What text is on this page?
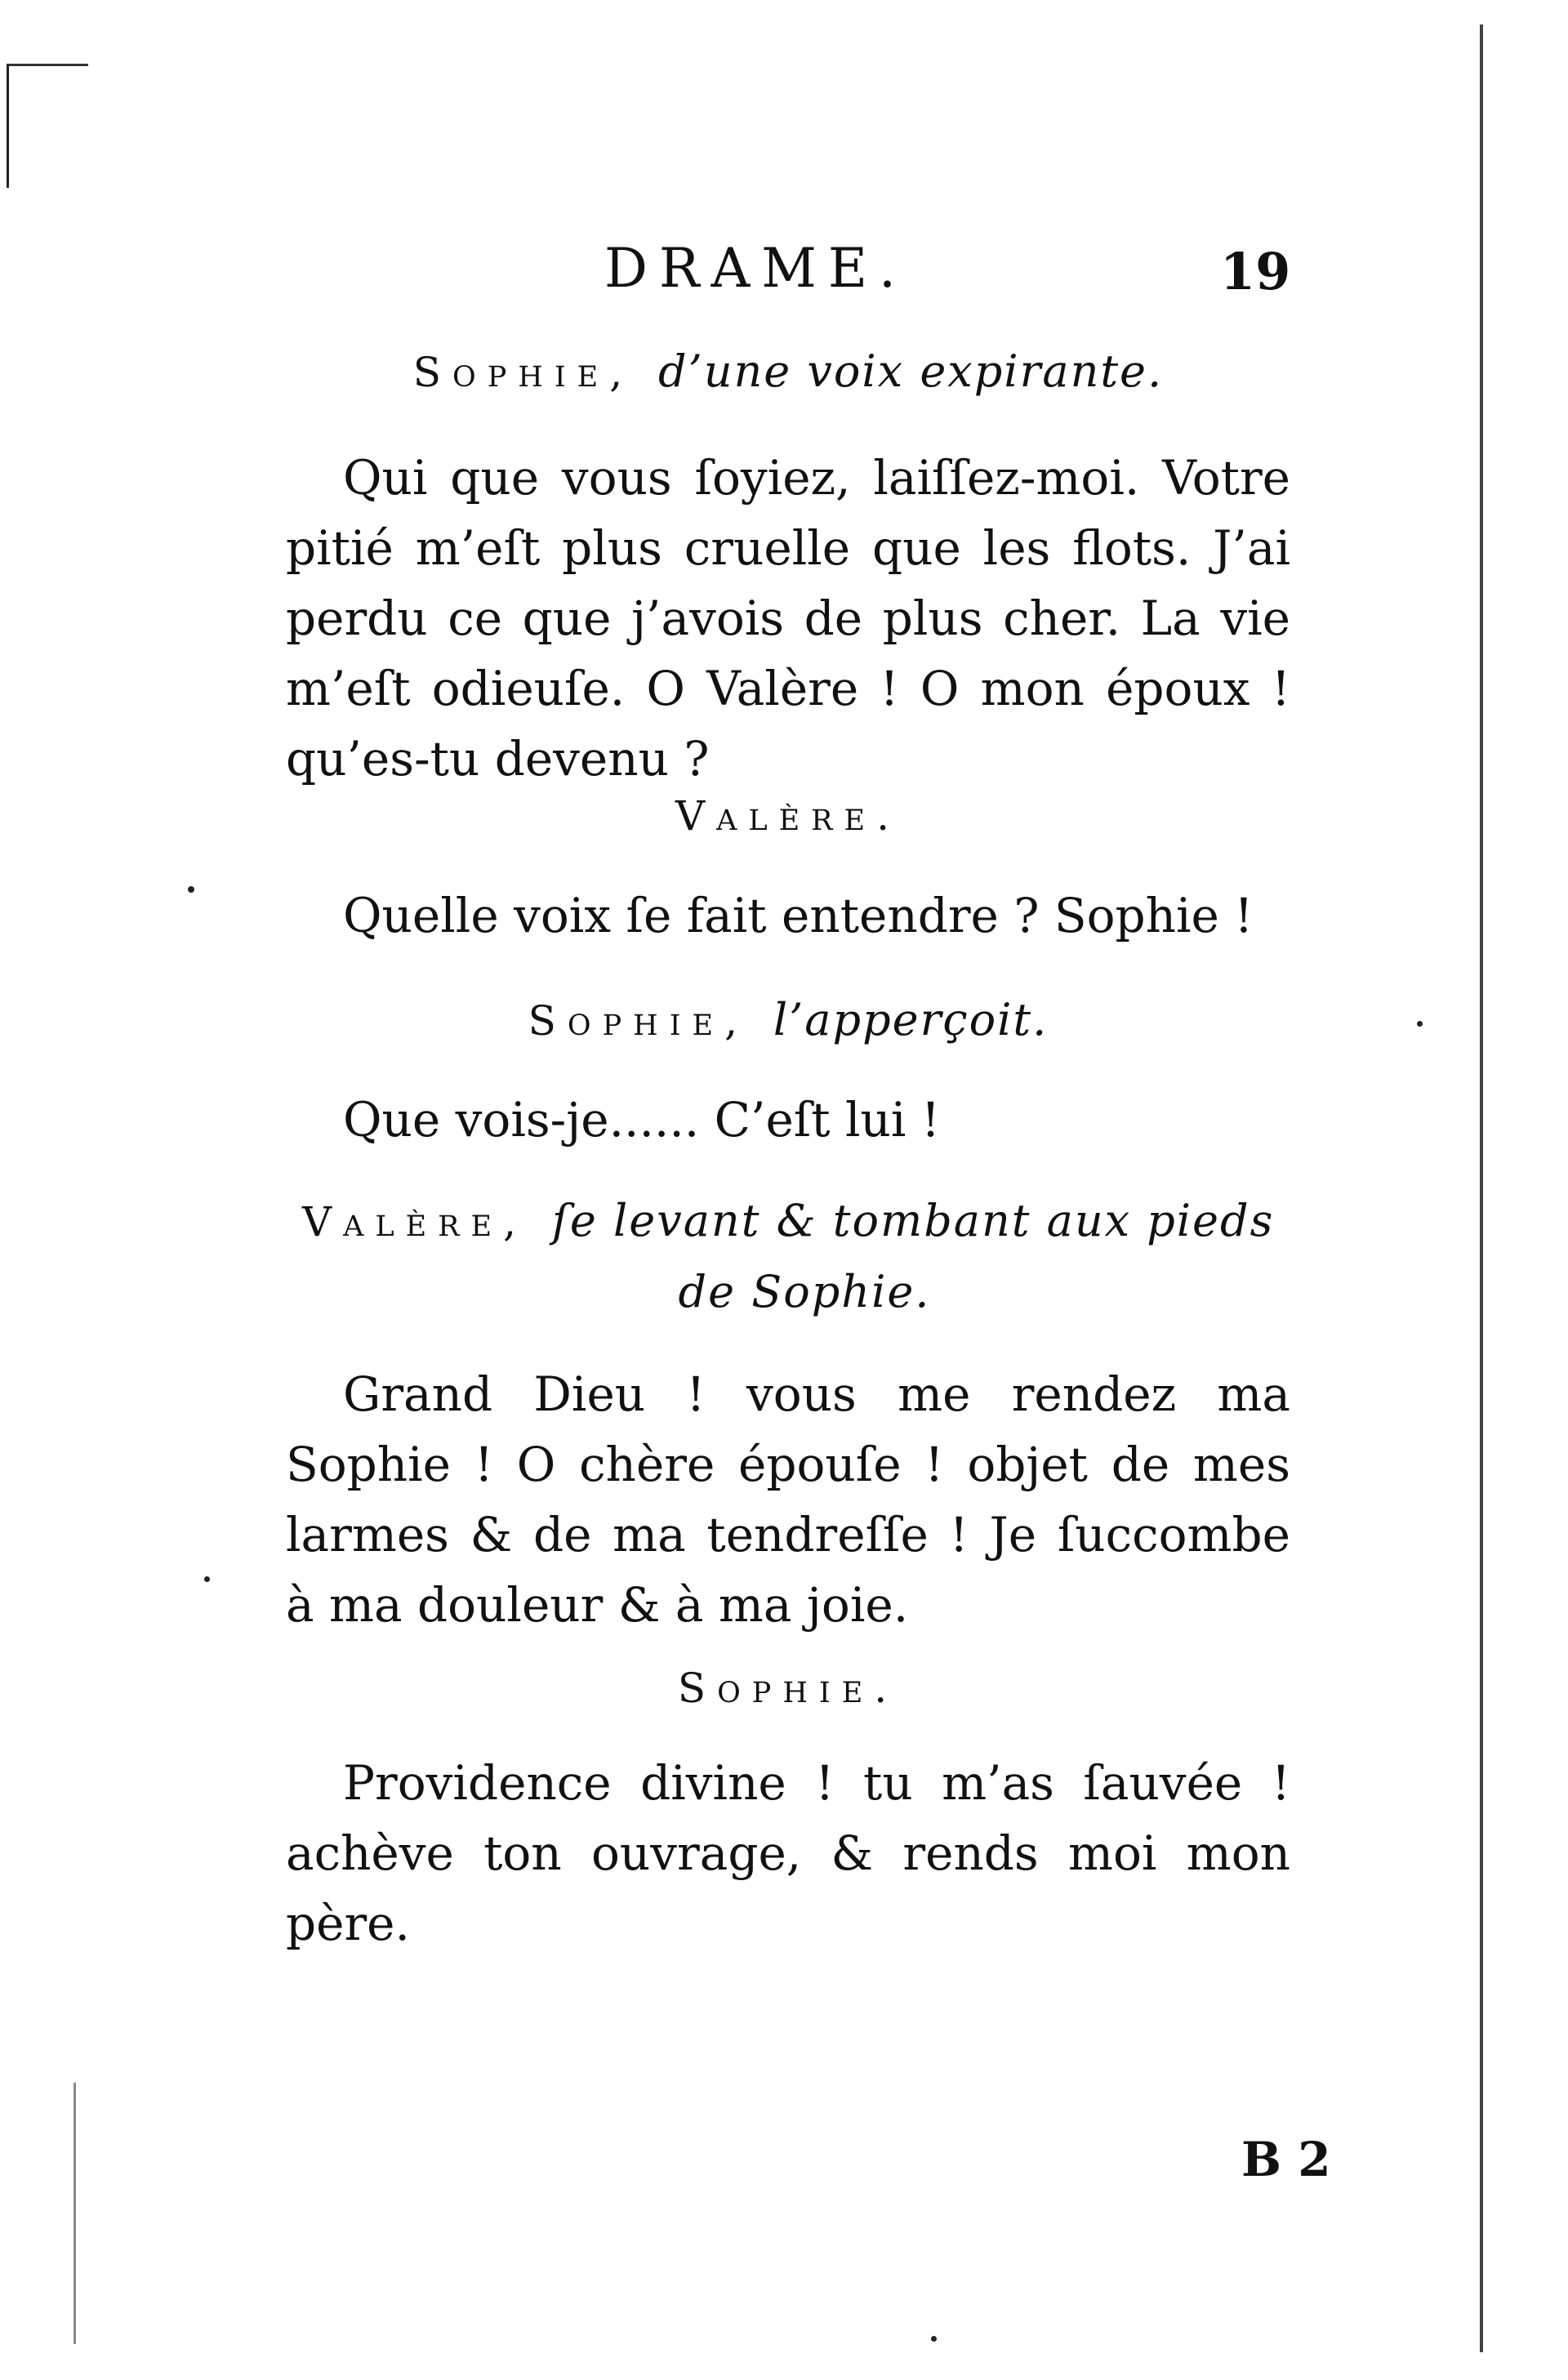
DRAME.	19

Sophie, d’une voix expirante.

Qui que vous ſoyiez, laiſſez-moi. Votre pitié m’eſt plus cruelle que les flots. J’ai perdu ce que j’avois de plus cher. La vie m’eſt odieuſe. O Valère ! O mon époux ! qu’es-tu devenu ?

Valère.

Quelle voix ſe fait entendre ? Sophie !

Sophie, l’apperçoit.

Que vois-je...... C’eſt lui !

Valère, ſe levant & tombant aux pieds

de Sophie.

Grand Dieu ! vous me rendez ma Sophie ! O chère épouſe ! objet de mes larmes & de ma tendreſſe ! Je ſuccombe à ma douleur & à ma joie.

Sophie.

Providence divine ! tu m’as ſauvée ! achève ton ouvrage, & rends moi mon père.

B 2
